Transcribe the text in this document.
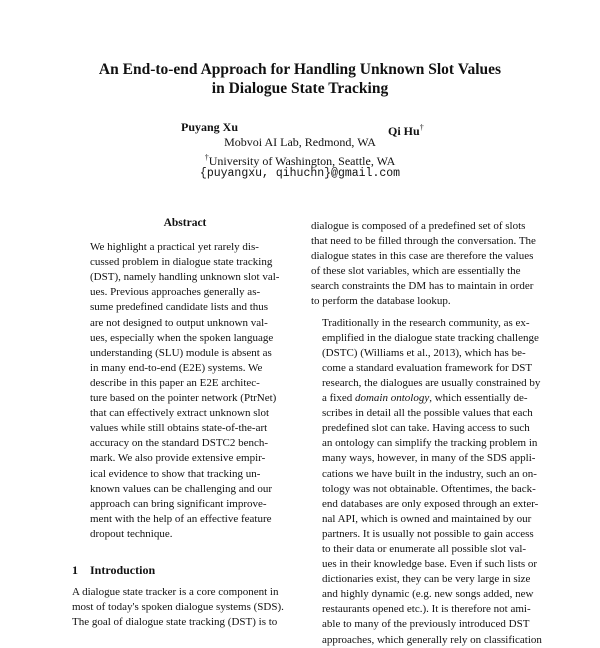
An End-to-end Approach for Handling Unknown Slot Values
in Dialogue State Tracking
Puyang Xu	Qi Hu†
Mobvoi AI Lab, Redmond, WA
†University of Washington, Seattle, WA
{puyangxu, qihuchn}@gmail.com
Abstract
We highlight a practical yet rarely dis-
cussed problem in dialogue state tracking
(DST), namely handling unknown slot val-
ues. Previous approaches generally as-
sume predefined candidate lists and thus
are not designed to output unknown val-
ues, especially when the spoken language
understanding (SLU) module is absent as
in many end-to-end (E2E) systems. We
describe in this paper an E2E architec-
ture based on the pointer network (PtrNet)
that can effectively extract unknown slot
values while still obtains state-of-the-art
accuracy on the standard DSTC2 bench-
mark. We also provide extensive empir-
ical evidence to show that tracking un-
known values can be challenging and our
approach can bring significant improve-
ment with the help of an effective feature
dropout technique.
1 Introduction
A dialogue state tracker is a core component in
most of today's spoken dialogue systems (SDS).
The goal of dialogue state tracking (DST) is to

dialogue is composed of a predefined set of slots
that need to be filled through the conversation. The
dialogue states in this case are therefore the values
of these slot variables, which are essentially the
search constraints the DM has to maintain in order
to perform the database lookup.

Traditionally in the research community, as ex-
emplified in the dialogue state tracking challenge
(DSTC) (Williams et al., 2013), which has be-
come a standard evaluation framework for DST
research, the dialogues are usually constrained by
a fixed domain ontology, which essentially de-
scribes in detail all the possible values that each
predefined slot can take. Having access to such
an ontology can simplify the tracking problem in
many ways, however, in many of the SDS appli-
cations we have built in the industry, such an on-
tology was not obtainable. Oftentimes, the back-
end databases are only exposed through an exter-
nal API, which is owned and maintained by our
partners. It is usually not possible to gain access
to their data or enumerate all possible slot val-
ues in their knowledge base. Even if such lists or
dictionaries exist, they can be very large in size
and highly dynamic (e.g. new songs added, new
restaurants opened etc.). It is therefore not ami-
able to many of the previously introduced DST
approaches, which generally rely on classification
